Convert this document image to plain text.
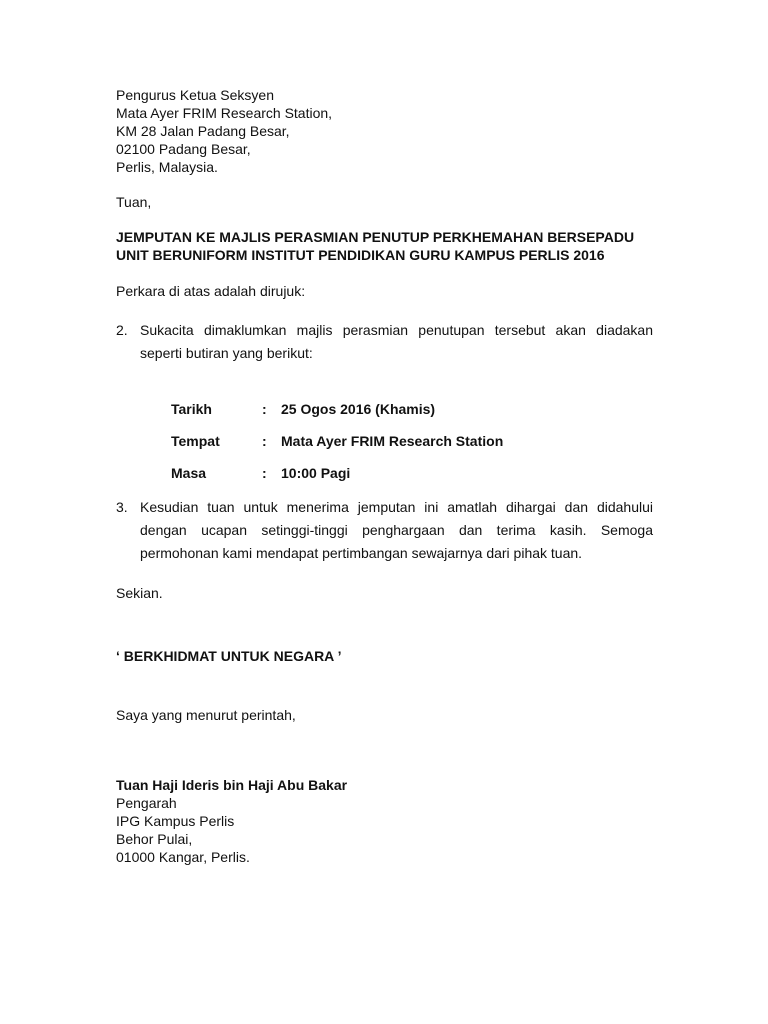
Pengurus Ketua Seksyen
Mata Ayer FRIM Research Station,
KM 28 Jalan Padang Besar,
02100 Padang Besar,
Perlis, Malaysia.
Tuan,
JEMPUTAN KE MAJLIS PERASMIAN PENUTUP PERKHEMAHAN BERSEPADU
UNIT BERUNIFORM INSTITUT PENDIDIKAN GURU KAMPUS PERLIS 2016
Perkara di atas adalah dirujuk:
2. Sukacita dimaklumkan majlis perasmian penutupan tersebut akan diadakan
seperti butiran yang berikut:
Tarikh	: 25 Ogos 2016 (Khamis)
Tempat	: Mata Ayer FRIM Research Station
Masa	: 10:00 Pagi
3. Kesudian tuan untuk menerima jemputan ini amatlah dihargai dan didahului
dengan ucapan setinggi-tinggi penghargaan dan terima kasih. Semoga
permohonan kami mendapat pertimbangan sewajarnya dari pihak tuan.
Sekian.
‘ BERKHIDMAT UNTUK NEGARA ’
Saya yang menurut perintah,
Tuan Haji Ideris bin Haji Abu Bakar
Pengarah
IPG Kampus Perlis
Behor Pulai,
01000 Kangar, Perlis.
